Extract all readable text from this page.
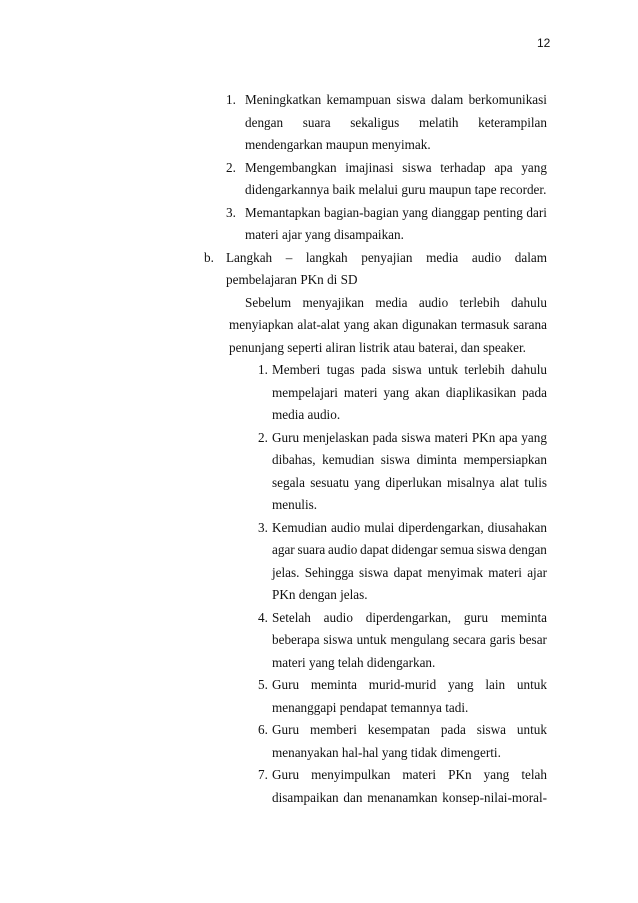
12
1. Meningkatkan kemampuan siswa dalam berkomunikasi
dengan suara sekaligus melatih keterampilan
mendengarkan maupun menyimak.
2. Mengembangkan imajinasi siswa terhadap apa yang
didengarkannya baik melalui guru maupun tape recorder.
3. Memantapkan bagian-bagian yang dianggap penting dari
materi ajar yang disampaikan.
b. Langkah – langkah penyajian media audio dalam
pembelajaran PKn di SD
Sebelum menyajikan media audio terlebih dahulu
menyiapkan alat-alat yang akan digunakan termasuk sarana
penunjang seperti aliran listrik atau baterai, dan speaker.
1. Memberi tugas pada siswa untuk terlebih dahulu
mempelajari materi yang akan diaplikasikan pada
media audio.
2. Guru menjelaskan pada siswa materi PKn apa yang
dibahas, kemudian siswa diminta mempersiapkan
segala sesuatu yang diperlukan misalnya alat tulis
menulis.
3. Kemudian audio mulai diperdengarkan, diusahakan
agar suara audio dapat didengar semua siswa dengan
jelas. Sehingga siswa dapat menyimak materi ajar
PKn dengan jelas.
4. Setelah audio diperdengarkan, guru meminta
beberapa siswa untuk mengulang secara garis besar
materi yang telah didengarkan.
5. Guru meminta murid-murid yang lain untuk
menanggapi pendapat temannya tadi.
6. Guru memberi kesempatan pada siswa untuk
menanyakan hal-hal yang tidak dimengerti.
7. Guru menyimpulkan materi PKn yang telah
disampaikan dan menanamkan konsep-nilai-moral-
